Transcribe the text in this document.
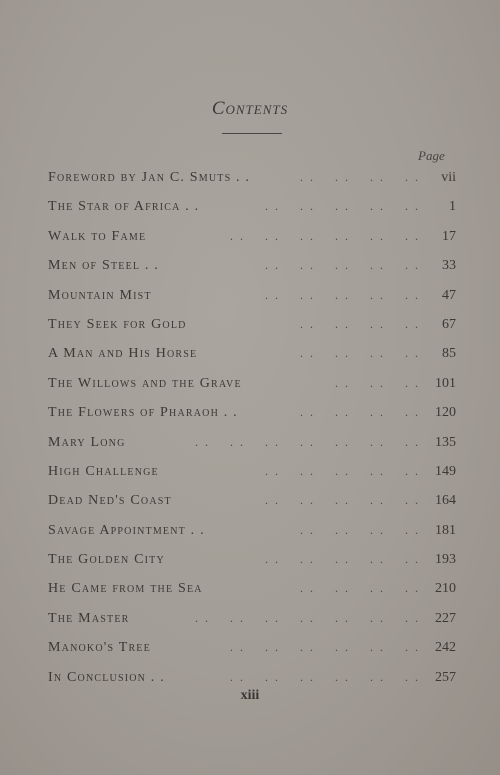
Contents
Page
. .    . .    . .    . .
Foreword by Jan C. Smuts . .	vii
. .    . .    . .    . .    . .
The Star of Africa . .	1
. .    . .    . .    . .    . .    . .
Walk to Fame	17
. .    . .    . .    . .    . .
Men of Steel . .	33
. .    . .    . .    . .    . .
Mountain Mist	47
. .    . .    . .    . .
They Seek for Gold	67
. .    . .    . .    . .
A Man and His Horse	85
. .    . .    . .
The Willows and the Grave	101
. .    . .    . .    . .
The Flowers of Pharaoh . .	120
. .    . .    . .    . .    . .    . .    . .
Mary Long	135
. .    . .    . .    . .    . .
High Challenge	149
. .    . .    . .    . .    . .
Dead Ned's Coast	164
. .    . .    . .    . .
Savage Appointment . .	181
. .    . .    . .    . .    . .
The Golden City	193
. .    . .    . .    . .
He Came from the Sea	210
. .    . .    . .    . .    . .    . .    . .
The Master	227
. .    . .    . .    . .    . .    . .
Manoko's Tree	242
. .    . .    . .    . .    . .    . .
In Conclusion . .	257
xiii
